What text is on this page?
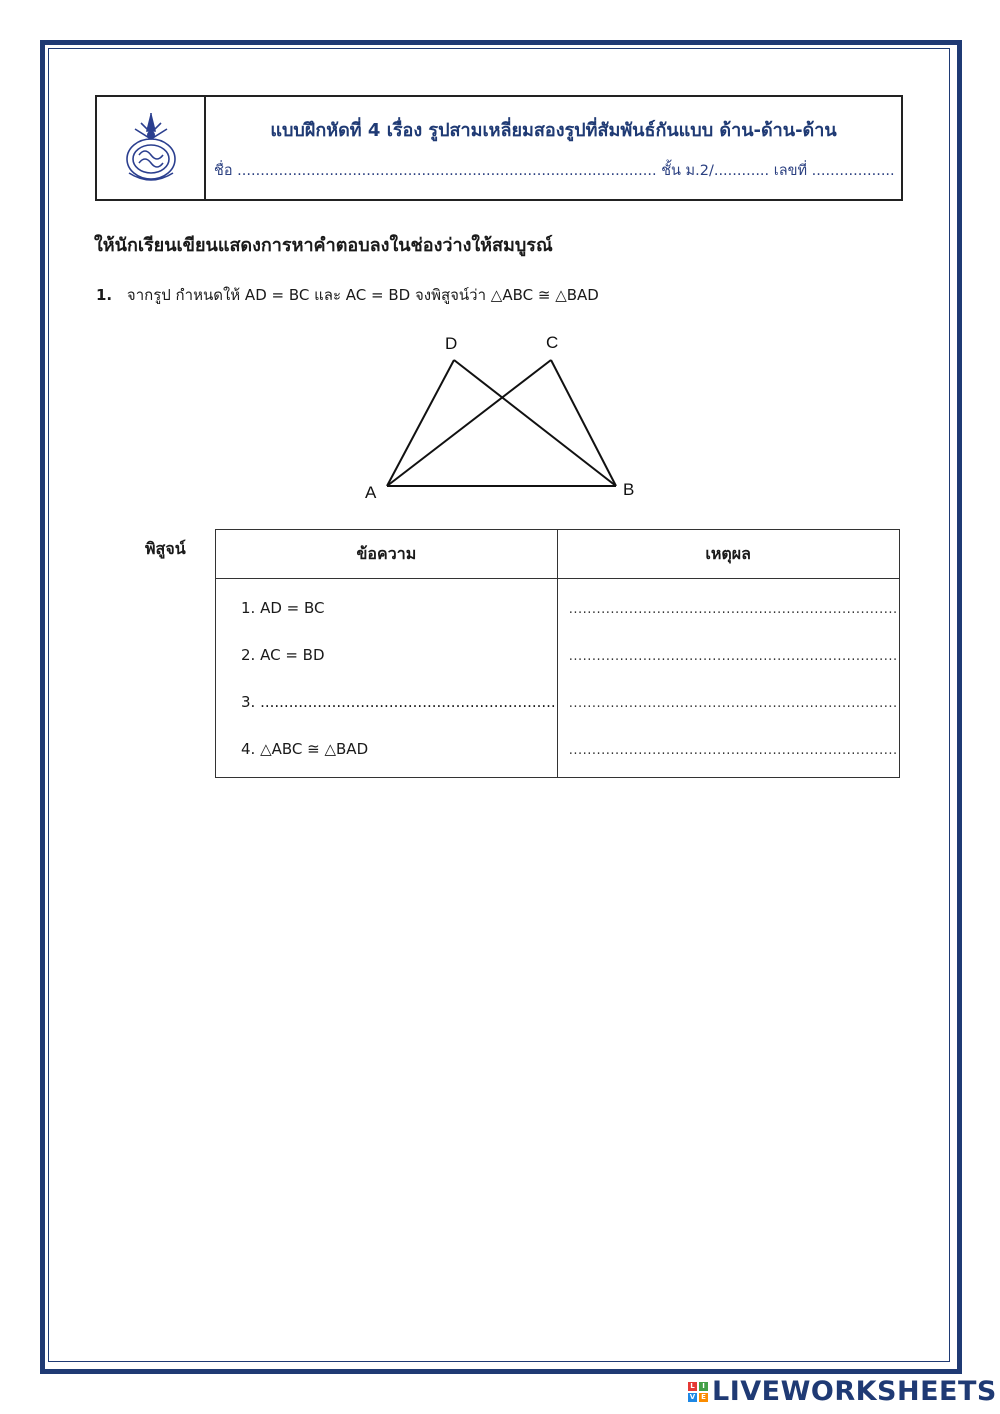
แบบฝึกหัดที่ 4 เรื่อง รูปสามเหลี่ยมสองรูปที่สัมพันธ์กันแบบ ด้าน-ด้าน-ด้าน
ชื่อ ........................................................................................... ชั้น ม.2/............ เลขที่ ..................
ให้นักเรียนเขียนแสดงการหาคำตอบลงในช่องว่างให้สมบูรณ์
1. จากรูป กำหนดให้ AD = BC และ AC = BD จงพิสูจน์ว่า △ABC ≅ △BAD
D	C
A	B
พิสูจน์	ข้อความ	เหตุผล
1. AD = BC	.......................................................................
2. AC = BD	.......................................................................
3. ..............................................................	.......................................................................
4. △ABC ≅ △BAD	.......................................................................
L	I
V E LIVEWORKSHEETS
